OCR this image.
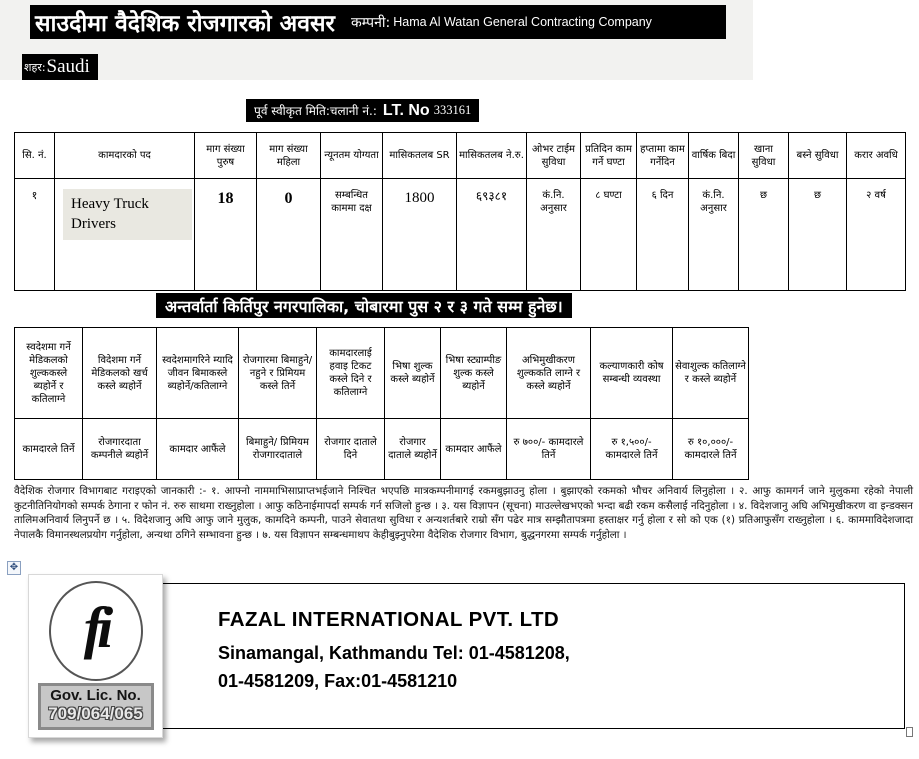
साउदीमा वैदेशिक रोजगारको अवसर कम्पनी: Hama Al Watan General Contracting Company
शहर: Saudi
पूर्व स्वीकृत मिति:चलानी नं.: LT. No 333161
सि. नं.	कामदारको पद	माग संख्या पुरुष	माग संख्या महिला	न्यूनतम योग्यता	मासिकतलब SR	मासिकतलब ने.रु.	ओभर टाईम सुविधा	प्रतिदिन काम गर्ने घण्टा	हप्तामा काम गर्नेदिन	वार्षिक बिदा	खाना सुविधा	बस्ने सुविधा	करार अवधि
१	Heavy Truck Drivers	18	0	सम्बन्धित काममा दक्ष	1800	६९३८१	कं.नि. अनुसार	८ घण्टा	६ दिन	कं.नि. अनुसार	छ	छ	२ वर्ष
अन्तर्वार्ता किर्तिपुर नगरपालिका, चोबारमा पुस २ र ३ गते सम्म हुनेछ।
स्वदेशमा गर्ने मेडिकलको शुल्ककस्ले ब्यहोर्ने र कतिलाग्ने	विदेशमा गर्ने मेडिकलको खर्च कस्ले ब्यहोर्ने	स्वदेशमागरिने म्यादि जीवन बिमाकस्ले ब्यहोर्ने/कतिलाग्ने	रोजगारमा बिमाहुने/नहुने र प्रिमियम कस्ले तिर्ने	कामदारलाई हवाइ टिकट कस्ले दिने र कतिलाग्ने	भिषा शुल्क कस्ले ब्यहोर्ने	भिषा स्ट्याम्पीङ शुल्क कस्ले ब्यहोर्ने	अभिमुखीकरण शुल्ककति लाग्ने र कस्ले ब्यहोर्ने	कल्याणकारी कोष सम्बन्धी व्यवस्था	सेवाशुल्क कतिलाग्ने र कस्ले ब्यहोर्ने
कामदारले तिर्ने	रोजगारदाता कम्पनीले ब्यहोर्ने	कामदार आफैंले	बिमाहुने/ प्रिमियम रोजगारदाताले	रोजगार दाताले दिने	रोजगार दाताले ब्यहोर्ने	कामदार आफैंले	रु ७००/- कामदारले तिर्ने	रु १,५००/- कामदारले तिर्ने	रु १०,०००/- कामदारले तिर्ने
वैदेशिक रोजगार विभागबाट गराइएको जानकारी :- १. आफ्नो नाममाभिसाप्राप्तभईजाने निश्चित भएपछि मात्रकम्पनीमागई रकमबुझाउनु होला । बुझाएको रकमको भौचर अनिवार्य लिनुहोला । २. आफु कामगर्न जाने मुलुकमा रहेको नेपाली कुटनीतिनियोगको सम्पर्क ठेगाना र फोन नं. रुरु साथमा राख्नुहोला । आफु कठिनाईमापर्दा सम्पर्क गर्न सजिलो हुन्छ । ३. यस विज्ञापन (सूचना) माउल्लेखभएको भन्दा बढी रकम कसैलाई नदिनुहोला । ४. विदेशजानु अघि अभिमुखीकरण वा इन्डक्सन तालिमअनिवार्य लिनुपर्ने छ । ५. विदेशजानु अघि आफु जाने मुलुक, कामदिने कम्पनी, पाउने सेवातथा सुविधा र अन्यशर्तबारे राम्रो सँग पढेर मात्र सम्झौतापत्रमा हस्ताक्षर गर्नु होला र सो को एक (१) प्रतिआफुसँग राख्नुहोला । ६. काममाविदेशजादा नेपालकै विमानस्थलप्रयोग गर्नुहोला, अन्यथा ठगिने सम्भावना हुन्छ । ७. यस विज्ञापन सम्बन्धमाथप केहीबुझ्नुपरेमा वैदेशिक रोजगार विभाग, बुद्धनगरमा सम्पर्क गर्नुहोला ।
✥
fi
Gov. Lic. No.
709/064/065
FAZAL INTERNATIONAL PVT. LTD
Sinamangal, Kathmandu Tel: 01-4581208,
01-4581209, Fax:01-4581210
